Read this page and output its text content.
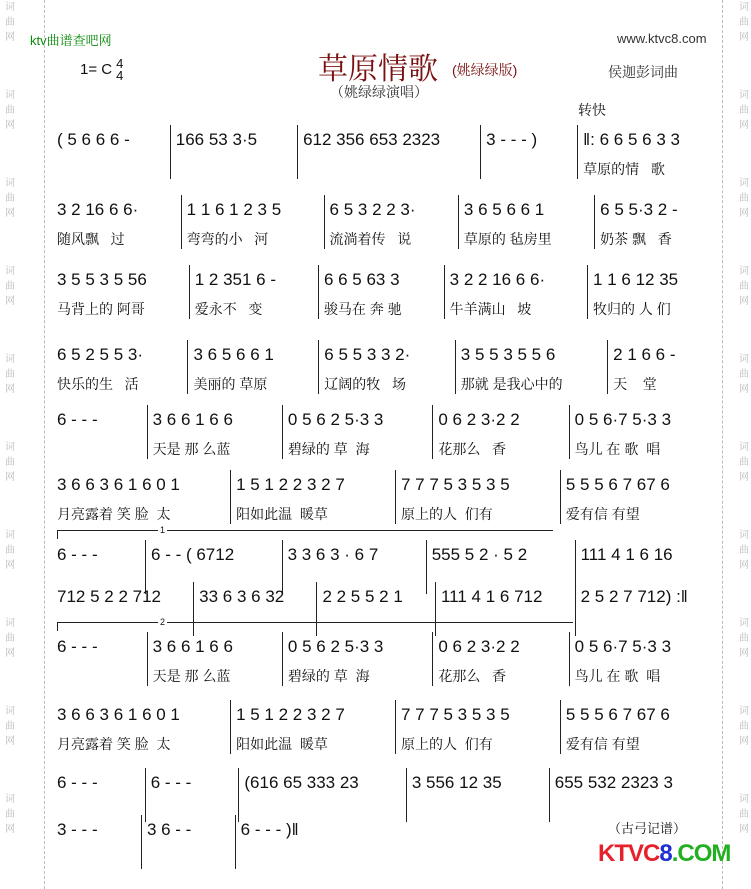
词曲网
词曲网
词曲网
词曲网
词曲网
词曲网
词曲网
词曲网
词曲网
词曲网
词曲网
词曲网
词曲网
词曲网
词曲网
词曲网
词曲网
词曲网
词曲网
词曲网
ktv曲谱查吧网	www.ktvc8.com
1= C 4
4	草原情歌 (姚绿绿版)
（姚绿绿演唱）
侯迦彭词曲
转快
( 5 6 6 6 -	166 53 3·5	612 356 653 2323	3 - - - )	‖: 6 6 5 6 3 3
草原的情   歌
3 2 16 6 6·
随风飘   过
1 1 6 1 2 3 5
弯弯的小   河
6 5 3 2 2 3·
流淌着传   说
3 6 5 6 6 1
草原的 毡房里
6 5 5·3 2 -
奶茶 飘   香
3 5 5 3 5 56
马背上的 阿哥
1 2 351 6 -
爱永不   变
6 6 5 63 3
骏马在 奔 驰
3 2 2 16 6 6·
牛羊满山   坡
1 1 6 12 35
牧归的 人 们
6 5 2 5 5 3·
快乐的生   活
3 6 5 6 6 1
美丽的 草原
6 5 5 3 3 2·
辽阔的牧   场
3 5 5 3 5 5 6
那就 是我心中的
2 1 6 6 -
天    堂
6 - - -	3 6 6 1 6 6
天是 那 么蓝
0 5 6 2 5·3 3
碧绿的 草  海
0 6 2 3·2 2
花那么   香
0 5 6·7 5·3 3
鸟儿 在 歌  唱
3 6 6 3 6 1 6 0 1
月亮露着 笑 脸  太
1 5 1 2 2 3 2 7
阳如此温  暖草
7 7 7 5 3 5 3 5
原上的人  们有
5 5 5 6 7 67 6
爱有信 有望
6 - - -	6 - - ( 6712	3 3 6 3 · 6 7	555 5 2 · 5 2	111 4 1 6 16
712 5 2 2 712	33 6 3 6 32	2 2 5 5 2 1	111 4 1 6 712	2 5 2 7 712) :‖
6 - - -	3 6 6 1 6 6
天是 那 么蓝
0 5 6 2 5·3 3
碧绿的 草  海
0 6 2 3·2 2
花那么   香
0 5 6·7 5·3 3
鸟儿 在 歌  唱
3 6 6 3 6 1 6 0 1
月亮露着 笑 脸  太
1 5 1 2 2 3 2 7
阳如此温  暖草
7 7 7 5 3 5 3 5
原上的人  们有
5 5 5 6 7 67 6
爱有信 有望
6 - - -	6 - - -	(616 65 333 23	3 556 12 35	655 532 2323 3
3 - - -	3 6 - -	6 - - - )‖
1
2
（古弓记谱）
KTVC8.COM
